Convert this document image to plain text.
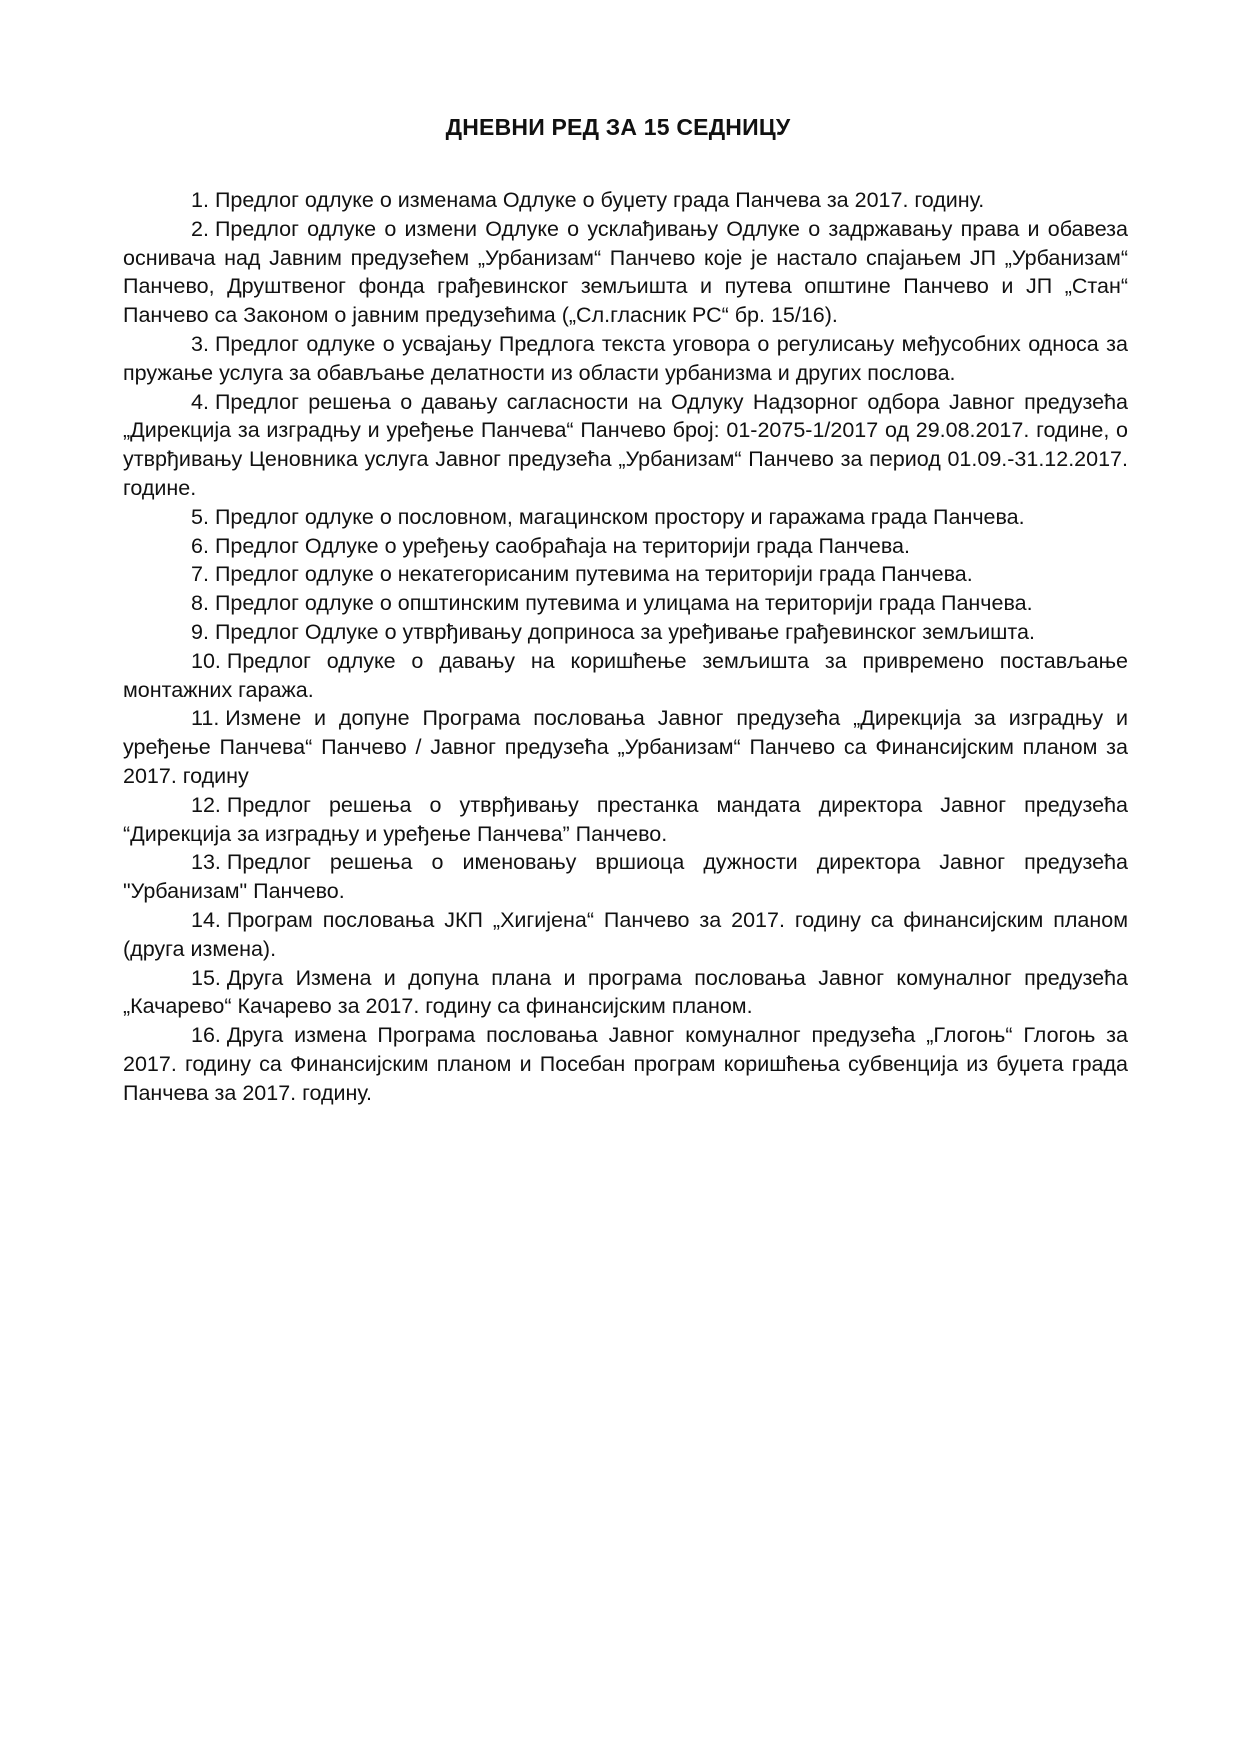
ДНЕВНИ РЕД ЗА 15 СЕДНИЦУ

1. Предлог одлуке о изменама Одлуке о буџету града Панчева за 2017. годину.

2. Предлог одлуке о измени Одлуке о усклађивању Одлуке о задржавању права и обавеза оснивача над Јавним предузећем „Урбанизам“ Панчево које је настало спајањем ЈП „Урбанизам“ Панчево, Друштвеног фонда грађевинског земљишта и путева општине Панчево и ЈП „Стан“ Панчево са Законом о јавним предузећима („Сл.гласник РС“ бр. 15/16).

3. Предлог одлуке о усвајању Предлога текста уговора о регулисању међусобних односа за пружање услуга за обављање делатности из области урбанизма и других послова.

4. Предлог решења о давању сагласности на Одлуку Надзорног одбора Јавног предузећа „Дирекција за изградњу и уређење Панчева“ Панчево број: 01-2075-1/2017 од 29.08.2017. године, о утврђивању Ценовника услуга Јавног предузећа „Урбанизам“ Панчево за период 01.09.-31.12.2017. године.

5. Предлог одлуке о пословном, магацинском простору и гаражама града Панчева.

6. Предлог Одлуке о уређењу саобраћаја на територији града Панчева.

7. Предлог одлуке о некатегорисаним путевима на територији града Панчева.

8. Предлог одлуке о општинским путевима и улицама на територији града Панчева.

9. Предлог Одлуке о утврђивању доприноса за уређивање грађевинског земљишта.

10. Предлог одлуке о давању на коришћење земљишта за привремено постављање монтажних гаража.

11. Измене и допуне Програма пословања Јавног предузећа „Дирекција за изградњу и уређење Панчева“ Панчево / Јавног предузећа „Урбанизам“ Панчево са Финансијским планом за 2017. годину

12. Предлог решења о утврђивању престанка мандата директора Јавног предузећа “Дирекција за изградњу и уређење Панчева” Панчево.

13. Предлог решења о именовању вршиоца дужности директора Јавног предузећа "Урбанизам" Панчево.

14. Програм пословања ЈКП „Хигијена“ Панчево за 2017. годину са финансијским планом (друга измена).

15. Друга Измена и допуна плана и програма пословања Јавног комуналног предузећа „Качарево“ Качарево за 2017. годину са финансијским планом.

16. Друга измена Програма пословања Јавног комуналног предузећа „Глогоњ“ Глогоњ за 2017. годину са Финансијским планом и Посебан програм коришћења субвенција из буџета града Панчева за 2017. годину.
